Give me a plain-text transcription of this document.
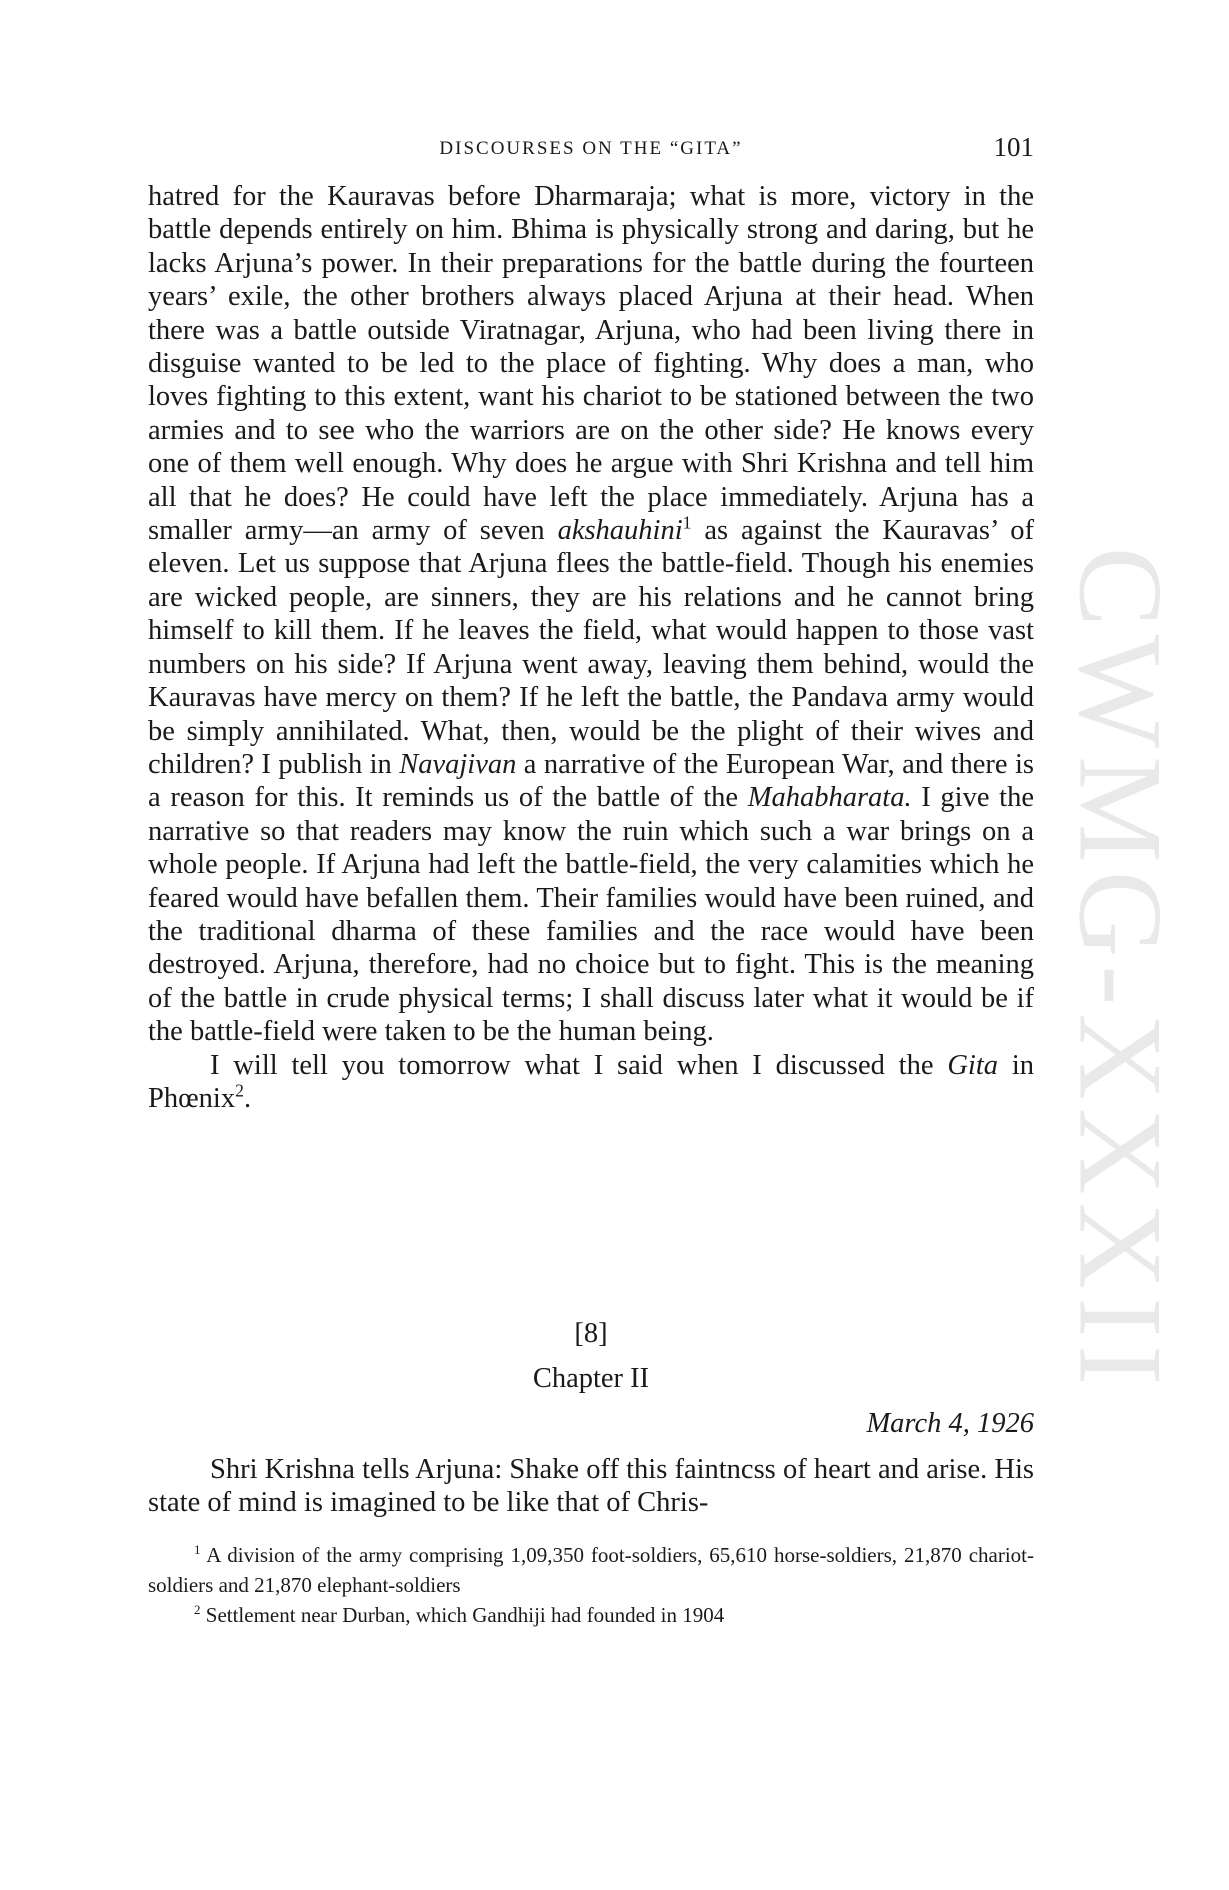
CWMG-XXXII
DISCOURSES ON THE “GITA”	101

hatred for the Kauravas before Dharmaraja; what is more, victory in the battle depends entirely on him. Bhima is physically strong and daring, but he lacks Arjuna’s power. In their preparations for the battle during the fourteen years’ exile, the other brothers always placed Arjuna at their head. When there was a battle outside Viratnagar, Arjuna, who had been living there in disguise wanted to be led to the place of fighting. Why does a man, who loves fighting to this extent, want his chariot to be stationed between the two armies and to see who the warriors are on the other side? He knows every one of them well enough. Why does he argue with Shri Krishna and tell him all that he does? He could have left the place immediately. Arjuna has a smaller army—an army of seven akshauhini$^1$ as against the Kauravas’ of eleven. Let us suppose that Arjuna flees the battle-field. Though his enemies are wicked people, are sinners, they are his relations and he cannot bring himself to kill them. If he leaves the field, what would happen to those vast numbers on his side? If Arjuna went away, leaving them behind, would the Kauravas have mercy on them? If he left the battle, the Pandava army would be simply annihilated. What, then, would be the plight of their wives and children? I publish in Navajivan a narrative of the European War, and there is a reason for this. It reminds us of the battle of the Mahabharata. I give the narrative so that readers may know the ruin which such a war brings on a whole people. If Arjuna had left the battle-field, the very calamities which he feared would have befallen them. Their families would have been ruined, and the traditional dharma of these families and the race would have been destroyed. Arjuna, therefore, had no choice but to fight. This is the meaning of the battle in crude physical terms; I shall discuss later what it would be if the battle-field were taken to be the human being.

I will tell you tomorrow what I said when I discussed the Gita in Phœnix$^2$.

[8]
Chapter II
March 4, 1926

Shri Krishna tells Arjuna: Shake off this faintncss of heart and arise. His state of mind is imagined to be like that of Chris-

$^1$ A division of the army comprising 1,09,350 foot-soldiers, 65,610 horse-soldiers, 21,870 chariot-soldiers and 21,870 elephant-soldiers

$^2$ Settlement near Durban, which Gandhiji had founded in 1904
